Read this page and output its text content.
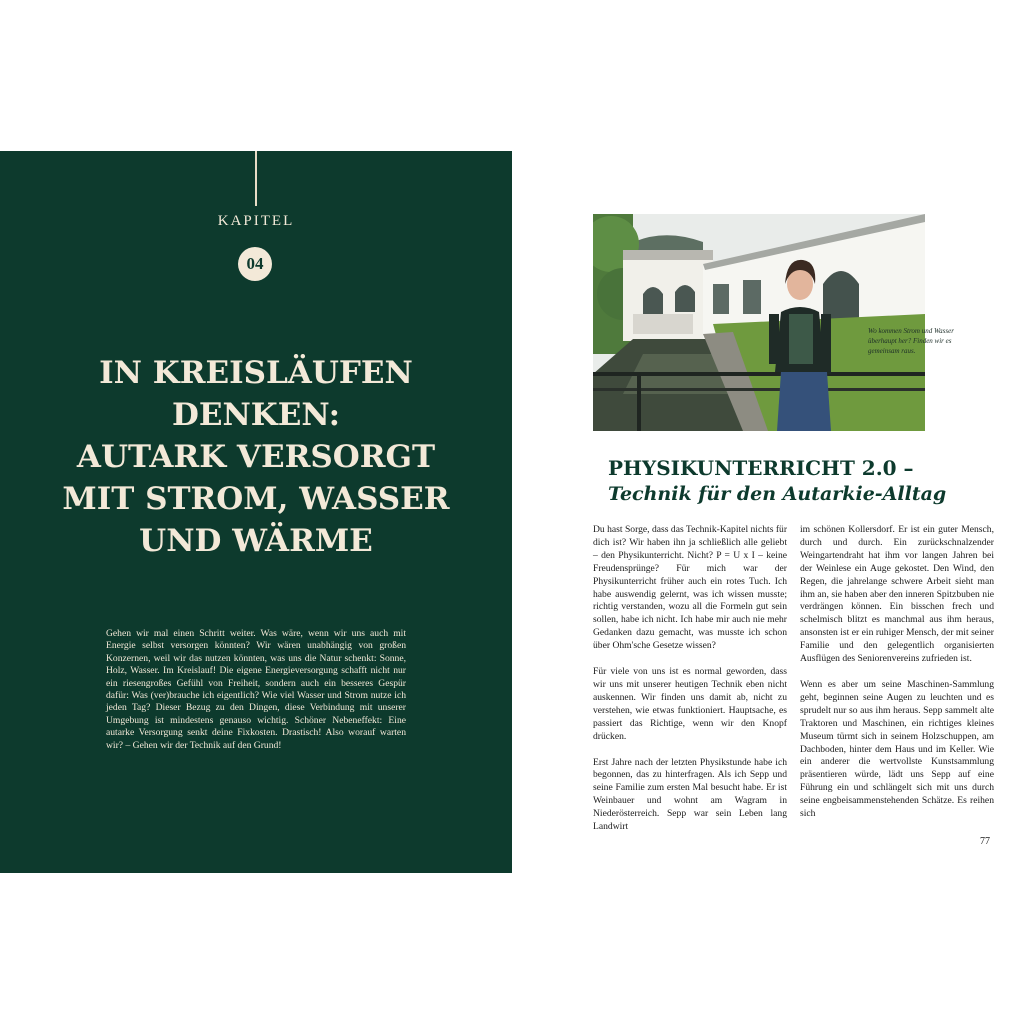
KAPITEL
04
IN KREISLÄUFEN
DENKEN:
AUTARK VERSORGT
MIT STROM, WASSER
UND WÄRME

Gehen wir mal einen Schritt weiter. Was wäre, wenn wir uns auch mit Energie selbst versorgen könnten? Wir wären unabhängig von großen Konzernen, weil wir das nutzen könnten, was uns die Natur schenkt: Sonne, Holz, Wasser. Im Kreislauf! Die eigene Energieversorgung schafft nicht nur ein riesengroßes Gefühl von Freiheit, sondern auch ein besseres Gespür dafür: Was (ver)brauche ich eigentlich? Wie viel Wasser und Strom nutze ich jeden Tag? Dieser Bezug zu den Dingen, diese Verbindung mit unserer Umgebung ist mindestens genauso wichtig. Schöner Nebeneffekt: Eine autarke Versorgung senkt deine Fixkosten. Drastisch! Also worauf warten wir? – Gehen wir der Technik auf den Grund!

Wo kommen Strom und Wasser überhaupt her? Finden wir es gemeinsam raus.

PHYSIKUNTERRICHT 2.0 –
Technik für den Autarkie-Alltag

Du hast Sorge, dass das Technik-Kapitel nichts für dich ist? Wir haben ihn ja schließlich alle geliebt – den Physikunterricht. Nicht? P = U x I – keine Freudensprünge? Für mich war der Physikunterricht früher auch ein rotes Tuch. Ich habe auswendig gelernt, was ich wissen musste; richtig verstanden, wozu all die Formeln gut sein sollen, habe ich nicht. Ich habe mir auch nie mehr Gedanken dazu gemacht, was musste ich schon über Ohm'sche Gesetze wissen?

Für viele von uns ist es normal geworden, dass wir uns mit unserer heutigen Technik eben nicht auskennen. Wir finden uns damit ab, nicht zu verstehen, wie etwas funktioniert. Hauptsache, es passiert das Richtige, wenn wir den Knopf drücken.

Erst Jahre nach der letzten Physikstunde habe ich begonnen, das zu hinterfragen. Als ich Sepp und seine Familie zum ersten Mal besucht habe. Er ist Weinbauer und wohnt am Wagram in Niederösterreich. Sepp war sein Leben lang Landwirt

im schönen Kollersdorf. Er ist ein guter Mensch, durch und durch. Ein zurückschnalzender Weingartendraht hat ihm vor langen Jahren bei der Weinlese ein Auge gekostet. Den Wind, den Regen, die jahrelange schwere Arbeit sieht man ihm an, sie haben aber den inneren Spitzbuben nie verdrängen können. Ein bisschen frech und schelmisch blitzt es manchmal aus ihm heraus, ansonsten ist er ein ruhiger Mensch, der mit seiner Familie und den gelegentlich organisierten Ausflügen des Seniorenvereins zufrieden ist.

Wenn es aber um seine Maschinen-Sammlung geht, beginnen seine Augen zu leuchten und es sprudelt nur so aus ihm heraus. Sepp sammelt alte Traktoren und Maschinen, ein richtiges kleines Museum türmt sich in seinem Holzschuppen, am Dachboden, hinter dem Haus und im Keller. Wie ein anderer die wertvollste Kunstsammlung präsentieren würde, lädt uns Sepp auf eine Führung ein und schlängelt sich mit uns durch seine engbeisammenstehenden Schätze. Es reihen sich

77
